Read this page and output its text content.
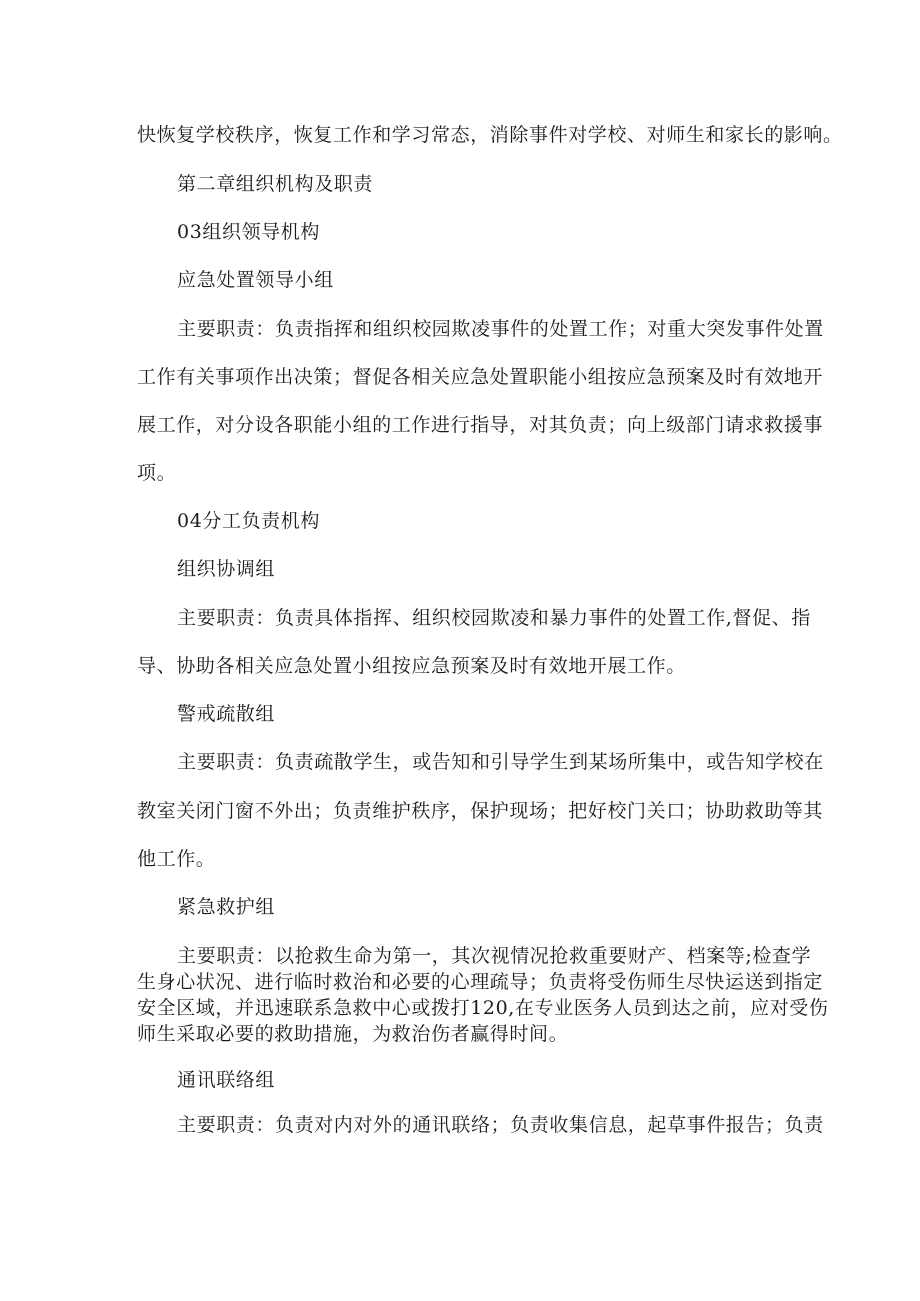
快恢复学校秩序，恢复工作和学习常态，消除事件对学校、对师生和家长的影响。
第二章组织机构及职责
03组织领导机构
应急处置领导小组
主要职责：负责指挥和组织校园欺凌事件的处置工作；对重大突发事件处置
工作有关事项作出决策；督促各相关应急处置职能小组按应急预案及时有效地开
展工作，对分设各职能小组的工作进行指导，对其负责；向上级部门请求救援事
项。
04分工负责机构
组织协调组
主要职责：负责具体指挥、组织校园欺凌和暴力事件的处置工作,督促、指
导、协助各相关应急处置小组按应急预案及时有效地开展工作。
警戒疏散组
主要职责：负责疏散学生，或告知和引导学生到某场所集中，或告知学校在
教室关闭门窗不外出；负责维护秩序，保护现场；把好校门关口；协助救助等其
他工作。
紧急救护组
主要职责：以抢救生命为第一，其次视情况抢救重要财产、档案等;检查学
生身心状况、进行临时救治和必要的心理疏导；负责将受伤师生尽快运送到指定
安全区域，并迅速联系急救中心或拨打120,在专业医务人员到达之前，应对受伤
师生采取必要的救助措施，为救治伤者赢得时间。
通讯联络组
主要职责：负责对内对外的通讯联络；负责收集信息，起草事件报告；负责
